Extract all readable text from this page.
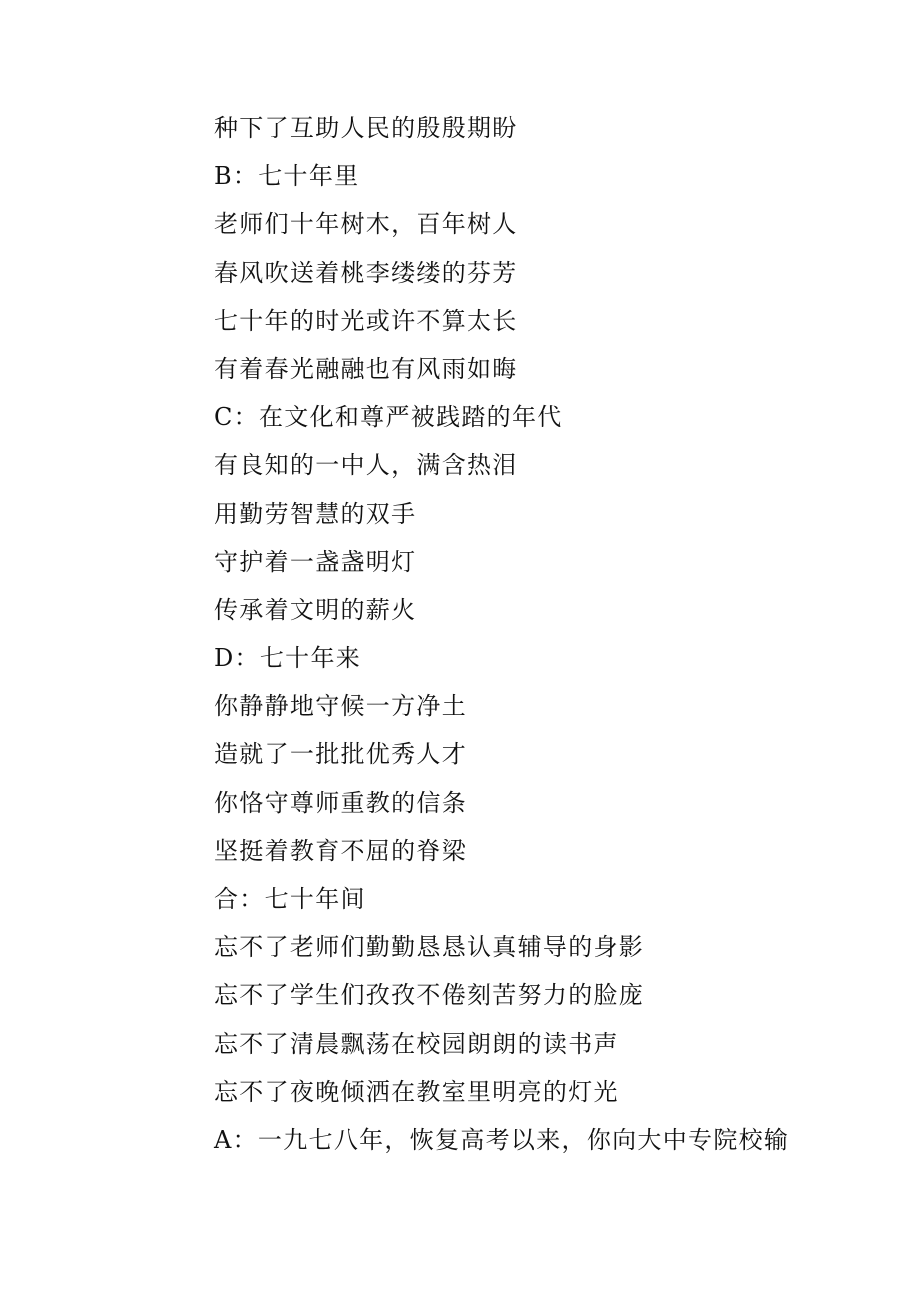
种下了互助人民的殷殷期盼
B：七十年里
老师们十年树木，百年树人
春风吹送着桃李缕缕的芬芳
七十年的时光或许不算太长
有着春光融融也有风雨如晦
C：在文化和尊严被践踏的年代
有良知的一中人，满含热泪
用勤劳智慧的双手
守护着一盏盏明灯
传承着文明的薪火
D：七十年来
你静静地守候一方净土
造就了一批批优秀人才
你恪守尊师重教的信条
坚挺着教育不屈的脊梁
合：七十年间
忘不了老师们勤勤恳恳认真辅导的身影
忘不了学生们孜孜不倦刻苦努力的脸庞
忘不了清晨飘荡在校园朗朗的读书声
忘不了夜晚倾洒在教室里明亮的灯光
A：一九七八年，恢复高考以来，你向大中专院校输
